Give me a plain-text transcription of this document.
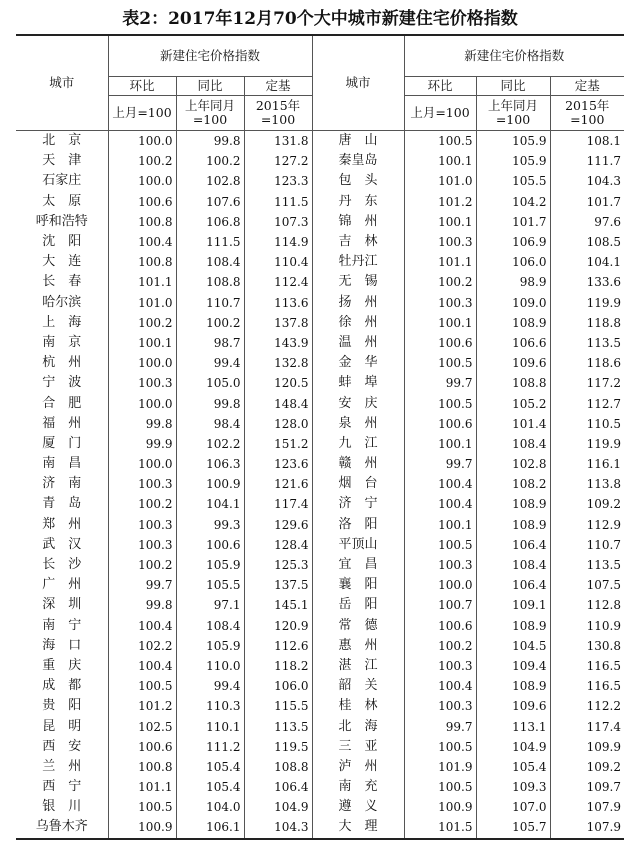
表2：2017年12月70个大中城市新建住宅价格指数
城市	新建住宅价格指数			城市	新建住宅价格指数		
	环比	同比	定基		环比	同比	定基
	上月=100	上年同月=100	2015年=100		上月=100	上年同月=100	2015年=100
北　京	100.0	99.8	131.8	唐　山	100.5	105.9	108.1
天　津	100.2	100.2	127.2	秦皇岛	100.1	105.9	111.7
石家庄	100.0	102.8	123.3	包　头	101.0	105.5	104.3
太　原	100.6	107.6	111.5	丹　东	101.2	104.2	101.7
呼和浩特	100.8	106.8	107.3	锦　州	100.1	101.7	97.6
沈　阳	100.4	111.5	114.9	吉　林	100.3	106.9	108.5
大　连	100.8	108.4	110.4	牡丹江	101.1	106.0	104.1
长　春	101.1	108.8	112.4	无　锡	100.2	98.9	133.6
哈尔滨	101.0	110.7	113.6	扬　州	100.3	109.0	119.9
上　海	100.2	100.2	137.8	徐　州	100.1	108.9	118.8
南　京	100.1	98.7	143.9	温　州	100.6	106.6	113.5
杭　州	100.0	99.4	132.8	金　华	100.5	109.6	118.6
宁　波	100.3	105.0	120.5	蚌　埠	99.7	108.8	117.2
合　肥	100.0	99.8	148.4	安　庆	100.5	105.2	112.7
福　州	99.8	98.4	128.0	泉　州	100.6	101.4	110.5
厦　门	99.9	102.2	151.2	九　江	100.1	108.4	119.9
南　昌	100.0	106.3	123.6	赣　州	99.7	102.8	116.1
济　南	100.3	100.9	121.6	烟　台	100.4	108.2	113.8
青　岛	100.2	104.1	117.4	济　宁	100.4	108.9	109.2
郑　州	100.3	99.3	129.6	洛　阳	100.1	108.9	112.9
武　汉	100.3	100.6	128.4	平顶山	100.5	106.4	110.7
长　沙	100.2	105.9	125.3	宜　昌	100.3	108.4	113.5
广　州	99.7	105.5	137.5	襄　阳	100.0	106.4	107.5
深　圳	99.8	97.1	145.1	岳　阳	100.7	109.1	112.8
南　宁	100.4	108.4	120.9	常　德	100.6	108.9	110.9
海　口	102.2	105.9	112.6	惠　州	100.2	104.5	130.8
重　庆	100.4	110.0	118.2	湛　江	100.3	109.4	116.5
成　都	100.5	99.4	106.0	韶　关	100.4	108.9	116.5
贵　阳	101.2	110.3	115.5	桂　林	100.3	109.6	112.2
昆　明	102.5	110.1	113.5	北　海	99.7	113.1	117.4
西　安	100.6	111.2	119.5	三　亚	100.5	104.9	109.9
兰　州	100.8	105.4	108.8	泸　州	101.9	105.4	109.2
西　宁	101.1	105.4	106.4	南　充	100.5	109.3	109.7
银　川	100.5	104.0	104.9	遵　义	100.9	107.0	107.9
乌鲁木齐	100.9	106.1	104.3	大　理	101.5	105.7	107.9
